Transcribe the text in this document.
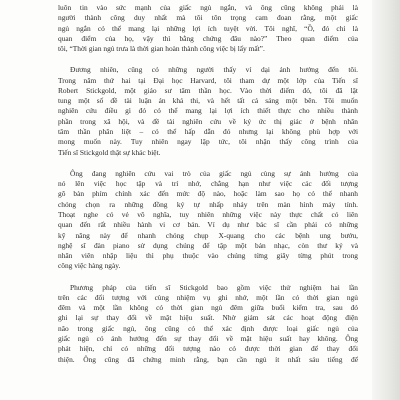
luôn tin vào sức mạnh của giấc ngủ ngắn, và ông cũng không phải là
người thành công duy nhất mà tôi tôn trọng cam đoan rằng, một giấc
ngủ ngắn có thể mang lại những lợi ích tuyệt vời. Tôi nghĩ, “Ồ, đó chỉ là
quan điểm của họ, vậy thì bằng chứng đâu nào?” Theo quan điểm của
tôi, “Thời gian ngủ trưa là thời gian hoàn thành công việc bị lấy mất”.
Đương nhiên, cũng có những người thấy ví dại ảnh hưởng đến tôi.
Trong năm thứ hai tại Đại học Harvard, tôi tham dự một lớp của Tiến sĩ
Robert Stickgold, một giáo sư tâm thần học. Vào thời điểm đó, tôi đã lật
tung một số đề tài luận án khả thi, và hết tất cả sáng một bên. Tôi muốn
nghiên cứu điều gì đó có thể mang lại lợi ích thiết thực cho nhiều thành
phần trong xã hội, và đề tài nghiên cứu về ký ức thị giác ở bệnh nhân
tâm thần phân liệt – có thể hấp dẫn đó nhưng lại không phù hợp với
mong muốn này. Tuy nhiên ngay lập tức, tôi nhận thấy công trình của
Tiến sĩ Stickgold thật sự khác biệt.
Ông đang nghiên cứu vai trò của giấc ngủ cùng sự ảnh hưởng của
nó lên việc học tập và trí nhớ, chẳng hạn như việc các đối tượng
gõ bàn phím chính xác đến mức độ nào, hoặc làm sao họ có thể nhanh
chóng chọn ra những đồng ký tự nhấp nháy trên màn hình máy tính.
Thoạt nghe có vẻ vô nghĩa, tuy nhiên những việc này thực chất có liên
quan đến rất nhiều hành vi cơ bản. Ví dụ như bác sĩ cần phải có những
kỹ năng này để nhanh chóng chụp X-quang cho các bệnh ung bướu,
nghệ sĩ đàn piano sử dụng chúng để tập một bản nhạc, còn thư ký và
nhân viên nhập liệu thì phụ thuộc vào chúng từng giây từng phút trong
công việc hàng ngày.
Phương pháp của tiến sĩ Stickgold bao gồm việc thử nghiệm hai lần
trên các đối tượng với cùng nhiệm vụ ghi nhớ, một lần có thời gian ngủ
đêm và một lần không có thời gian ngủ đêm giữa buổi kiểm tra, sau đó
ghi lại sự thay đổi về mặt hiệu suất. Nhờ giám sát các hoạt động điện
não trong giấc ngủ, ông cũng có thể xác định được loại giấc ngủ của
giấc ngủ có ảnh hưởng đến sự thay đổi về mặt hiệu suất hay không. Ông
phát hiện, chỉ có những đối tượng nào có được thời gian để thay đổi
thiện. Ông cũng đã chứng minh rằng, bạn cần ngủ ít nhất sáu tiếng để
